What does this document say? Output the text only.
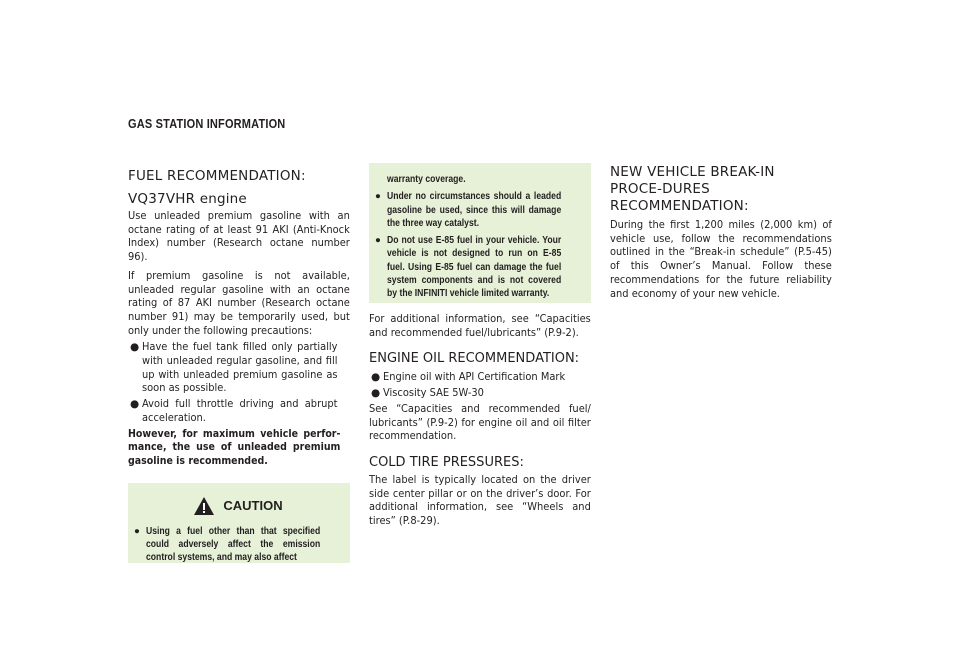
GAS STATION INFORMATION
FUEL RECOMMENDATION:
VQ37VHR engine

Use unleaded premium gasoline with an octane rating of at least 91 AKI (Anti-Knock Index) number (Research octane number 96).

If premium gasoline is not available, unleaded regular gasoline with an octane rating of 87 AKI number (Research octane number 91) may be temporarily used, but only under the following precautions:

● Have the fuel tank filled only partially with unleaded regular gasoline, and fill up with unleaded premium gasoline as soon as possible.
● Avoid full throttle driving and abrupt acceleration.

However, for maximum vehicle perfor-mance, the use of unleaded premium gasoline is recommended.

CAUTION
● Using a fuel other than that specified could adversely affect the emission control systems, and may also affect
warranty coverage.
● Under no circumstances should a leaded gasoline be used, since this will damage the three way catalyst.
● Do not use E-85 fuel in your vehicle. Your vehicle is not designed to run on E-85 fuel. Using E-85 fuel can damage the fuel system components and is not covered by the INFINITI vehicle limited warranty.

For additional information, see “Capacities and recommended fuel/lubricants” (P.9-2).

ENGINE OIL RECOMMENDATION:
● Engine oil with API Certification Mark
● Viscosity SAE 5W-30

See “Capacities and recommended fuel/ lubricants” (P.9-2) for engine oil and oil filter recommendation.

COLD TIRE PRESSURES:

The label is typically located on the driver side center pillar or on the driver’s door. For additional information, see “Wheels and tires” (P.8-29).

NEW VEHICLE BREAK-IN PROCE-DURES RECOMMENDATION:

During the first 1,200 miles (2,000 km) of vehicle use, follow the recommendations outlined in the “Break-in schedule” (P.5-45) of this Owner’s Manual. Follow these recommendations for the future reliability and economy of your new vehicle.
